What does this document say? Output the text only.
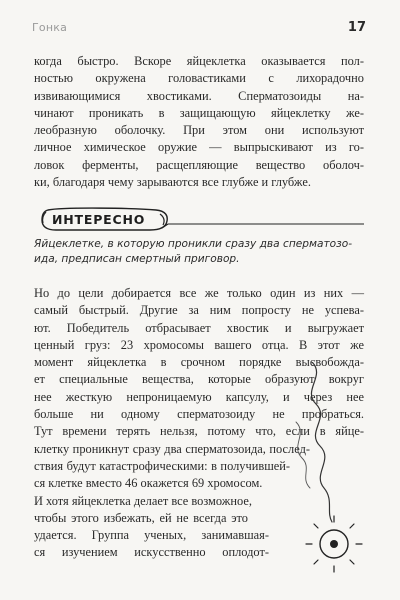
Гонка	17

когда быстро. Вскоре яйцеклетка оказывается пол-
ностью окружена головастиками с лихорадочно
извивающимися хвостиками. Сперматозоиды на-
чинают проникать в защищающую яйцеклетку же-
леобразную оболочку. При этом они используют
личное химическое оружие — выпрыскивают из го-
ловок ферменты, расщепляющие вещество оболоч-
ки, благодаря чему зарываются все глубже и глубже.

ИНТЕРЕСНО
Яйцеклетке, в которую проникли сразу два сперматозо-
ида, предписан смертный приговор.

Но до цели добирается все же только один из них —
самый быстрый. Другие за ним попросту не успева-
ют. Победитель отбрасывает хвостик и выгружает
ценный груз: 23 хромосомы вашего отца. В этот же
момент яйцеклетка в срочном порядке высвобожда-
ет специальные вещества, которые образуют вокруг
нее жесткую непроницаемую капсулу, и через нее
больше ни одному сперматозоиду не пробраться.
Тут времени терять нельзя, потому что, если в яйце-
клетку проникнут сразу два сперматозоида, послед-
ствия будут катастрофическими: в получившей-
ся клетке вместо 46 окажется 69 хромосом.
И хотя яйцеклетка делает все возможное,
чтобы этого избежать, ей не всегда это
удается. Группа ученых, занимавшая-
ся изучением искусственно оплодот-
